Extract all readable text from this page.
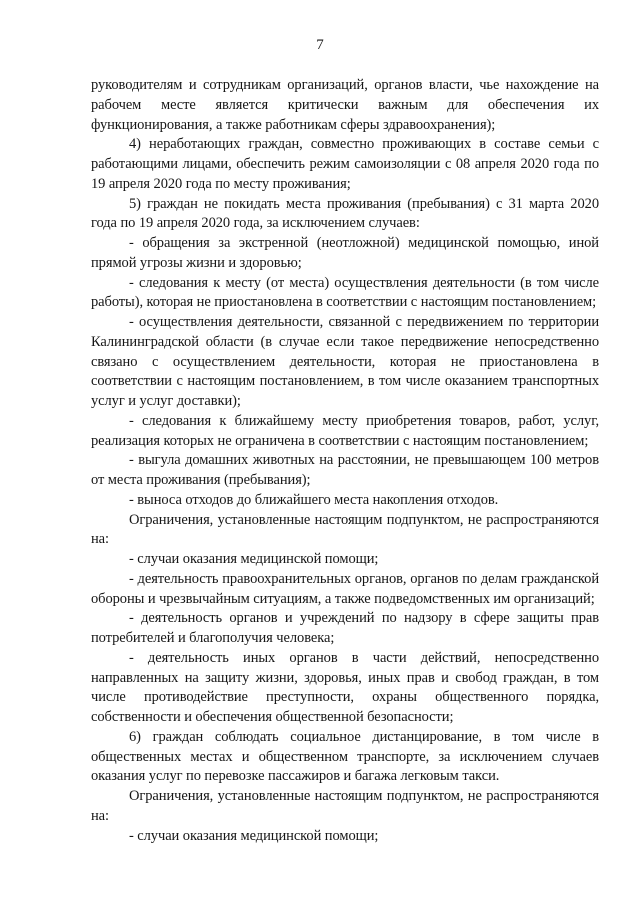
7

руководителям и сотрудникам организаций, органов власти, чье нахождение на рабочем месте является критически важным для обеспечения их функционирования, а также работникам сферы здравоохранения);

4) неработающих граждан, совместно проживающих в составе семьи с работающими лицами, обеспечить режим самоизоляции с 08 апреля 2020 года по 19 апреля 2020 года по месту проживания;

5) граждан не покидать места проживания (пребывания) с 31 марта 2020 года по 19 апреля 2020 года, за исключением случаев:

- обращения за экстренной (неотложной) медицинской помощью, иной прямой угрозы жизни и здоровью;

- следования к месту (от места) осуществления деятельности (в том числе работы), которая не приостановлена в соответствии с настоящим постановлением;

- осуществления деятельности, связанной с передвижением по территории Калининградской области (в случае если такое передвижение непосредственно связано с осуществлением деятельности, которая не приостановлена в соответствии с настоящим постановлением, в том числе оказанием транспортных услуг и услуг доставки);

- следования к ближайшему месту приобретения товаров, работ, услуг, реализация которых не ограничена в соответствии с настоящим постановлением;

- выгула домашних животных на расстоянии, не превышающем 100 метров от места проживания (пребывания);

- выноса отходов до ближайшего места накопления отходов.

Ограничения, установленные настоящим подпунктом, не распространяются на:

- случаи оказания медицинской помощи;

- деятельность правоохранительных органов, органов по делам гражданской обороны и чрезвычайным ситуациям, а также подведомственных им организаций;

- деятельность органов и учреждений по надзору в сфере защиты прав потребителей и благополучия человека;

- деятельность иных органов в части действий, непосредственно направленных на защиту жизни, здоровья, иных прав и свобод граждан, в том числе противодействие преступности, охраны общественного порядка, собственности и обеспечения общественной безопасности;

6) граждан соблюдать социальное дистанцирование, в том числе в общественных местах и общественном транспорте, за исключением случаев оказания услуг по перевозке пассажиров и багажа легковым такси.

Ограничения, установленные настоящим подпунктом, не распространяются на:

- случаи оказания медицинской помощи;
